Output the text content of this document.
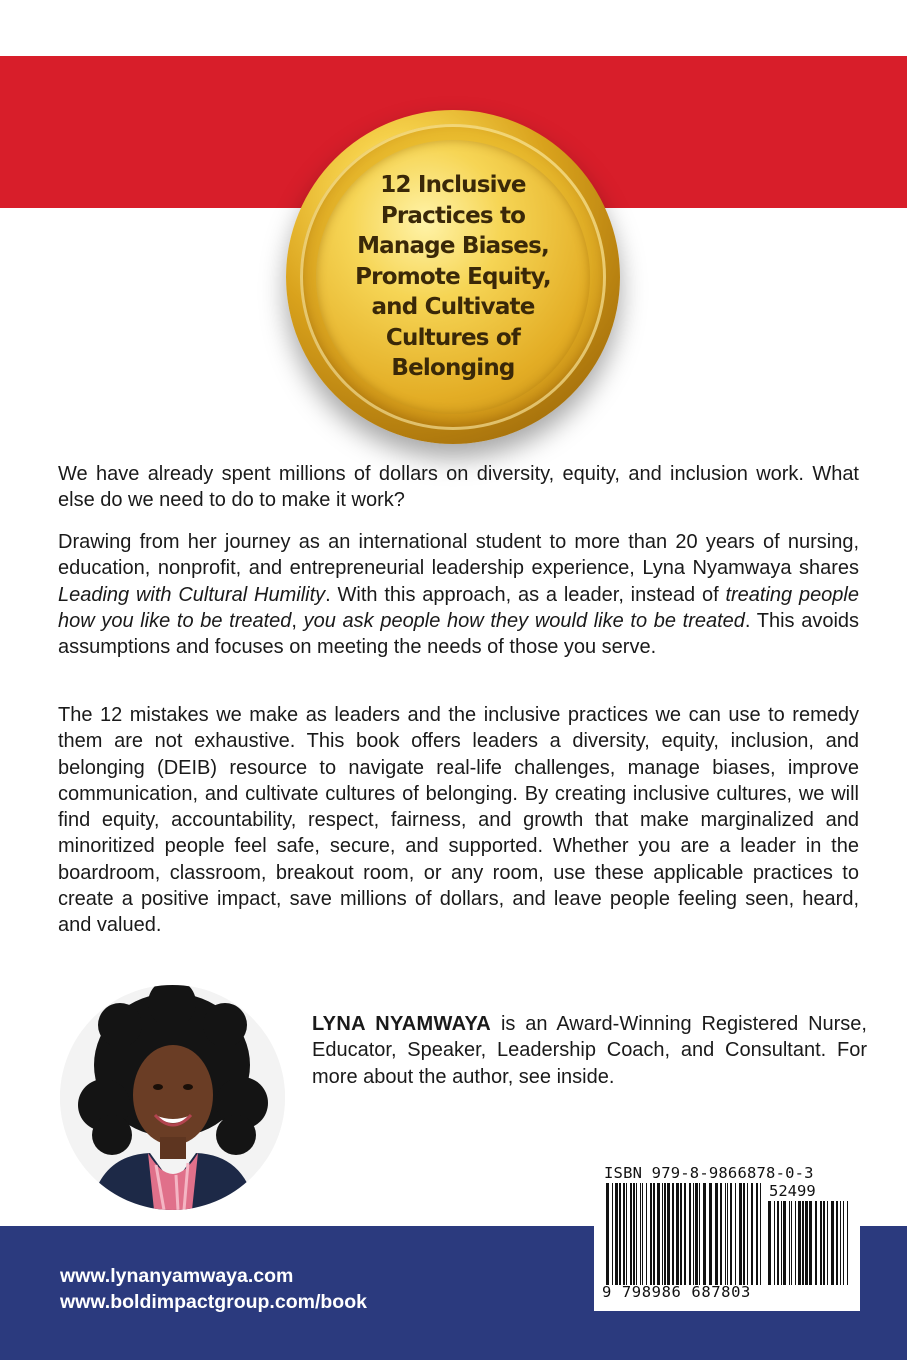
12 Inclusive
Practices to
Manage Biases,
Promote Equity,
and Cultivate
Cultures of
Belonging

We have already spent millions of dollars on diversity, equity, and inclusion work. What else do we need to do to make it work?

Drawing from her journey as an international student to more than 20 years of nursing, education, nonprofit, and entrepreneurial leadership experience, Lyna Nyamwaya shares Leading with Cultural Humility. With this approach, as a leader, instead of treating people how you like to be treated, you ask people how they would like to be treated. This avoids assumptions and focuses on meeting the needs of those you serve.

The 12 mistakes we make as leaders and the inclusive practices we can use to remedy them are not exhaustive. This book offers leaders a diversity, equity, inclusion, and belonging (DEIB) resource to navigate real-life challenges, manage biases, improve communication, and cultivate cultures of belonging. By creating inclusive cultures, we will find equity, accountability, respect, fairness, and growth that make marginalized and minoritized people feel safe, secure, and supported. Whether you are a leader in the boardroom, classroom, breakout room, or any room, use these applicable practices to create a positive impact, save millions of dollars, and leave people feeling seen, heard, and valued.

LYNA NYAMWAYA is an Award-Winning Registered Nurse, Educator, Speaker, Leadership Coach, and Consultant. For more about the author, see inside.

www.lynanyamwaya.com
www.boldimpactgroup.com/book
ISBN 979-8-9866878-0-3
52499
9 798986 687803
